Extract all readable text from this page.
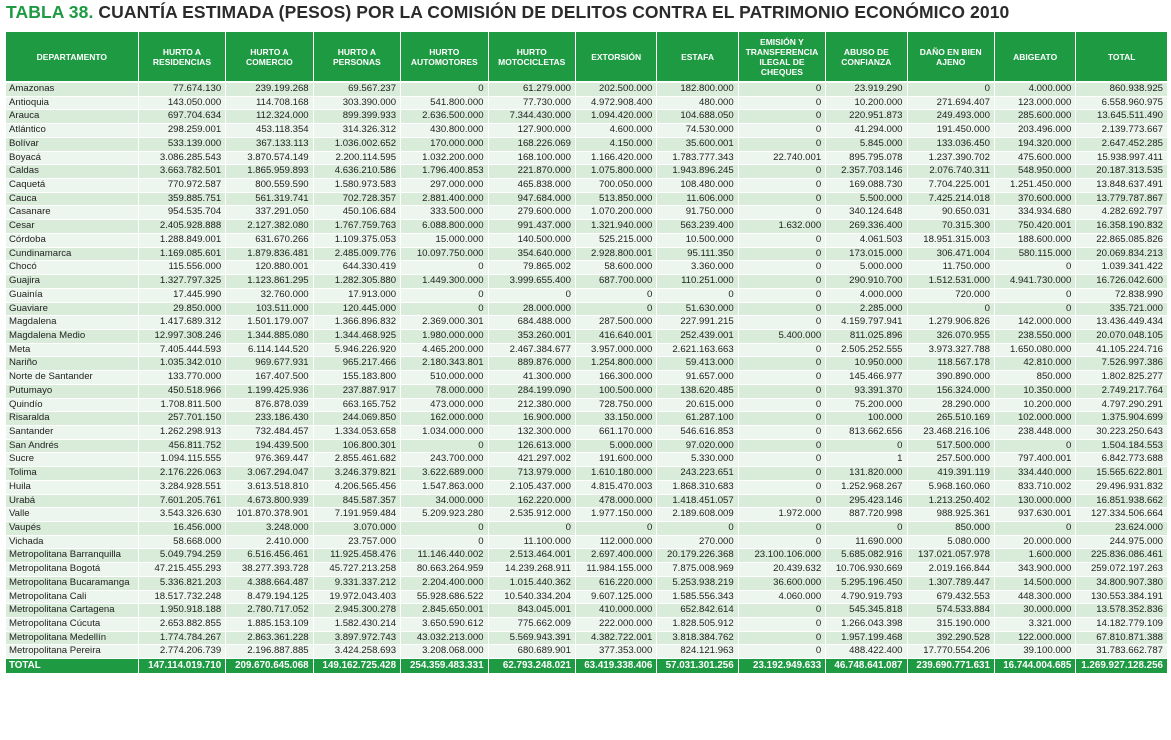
TABLA 38. CUANTÍA ESTIMADA (PESOS) POR LA COMISIÓN DE DELITOS CONTRA EL PATRIMONIO ECONÓMICO 2010
DEPARTAMENTO	HURTO A RESIDENCIAS	HURTO A COMERCIO	HURTO A PERSONAS	HURTO AUTOMOTORES	HURTO MOTOCICLETAS	EXTORSIÓN	ESTAFA	EMISIÓN Y TRANSFERENCIA ILEGAL DE CHEQUES	ABUSO DE CONFIANZA	DAÑO EN BIEN AJENO	ABIGEATO	TOTAL
Amazonas	77.674.130	239.199.268	69.567.237	0	61.279.000	202.500.000	182.800.000	0	23.919.290	0	4.000.000	860.938.925
Antioquia	143.050.000	114.708.168	303.390.000	541.800.000	77.730.000	4.972.908.400	480.000	0	10.200.000	271.694.407	123.000.000	6.558.960.975
Arauca	697.704.634	112.324.000	899.399.933	2.636.500.000	7.344.430.000	1.094.420.000	104.688.050	0	220.951.873	249.493.000	285.600.000	13.645.511.490
Atlántico	298.259.001	453.118.354	314.326.312	430.800.000	127.900.000	4.600.000	74.530.000	0	41.294.000	191.450.000	203.496.000	2.139.773.667
Bolívar	533.139.000	367.133.113	1.036.002.652	170.000.000	168.226.069	4.150.000	35.600.001	0	5.845.000	133.036.450	194.320.000	2.647.452.285
Boyacá	3.086.285.543	3.870.574.149	2.200.114.595	1.032.200.000	168.100.000	1.166.420.000	1.783.777.343	22.740.001	895.795.078	1.237.390.702	475.600.000	15.938.997.411
Caldas	3.663.782.501	1.865.959.893	4.636.210.586	1.796.400.853	221.870.000	1.075.800.000	1.943.896.245	0	2.357.703.146	2.076.740.311	548.950.000	20.187.313.535
Caquetá	770.972.587	800.559.590	1.580.973.583	297.000.000	465.838.000	700.050.000	108.480.000	0	169.088.730	7.704.225.001	1.251.450.000	13.848.637.491
Cauca	359.885.751	561.319.741	702.728.357	2.881.400.000	947.684.000	513.850.000	11.606.000	0	5.500.000	7.425.214.018	370.600.000	13.779.787.867
Casanare	954.535.704	337.291.050	450.106.684	333.500.000	279.600.000	1.070.200.000	91.750.000	0	340.124.648	90.650.031	334.934.680	4.282.692.797
Cesar	2.405.928.888	2.127.382.080	1.767.759.763	6.088.800.000	991.437.000	1.321.940.000	563.239.400	1.632.000	269.336.400	70.315.300	750.420.001	16.358.190.832
Córdoba	1.288.849.001	631.670.266	1.109.375.053	15.000.000	140.500.000	525.215.000	10.500.000	0	4.061.503	18.951.315.003	188.600.000	22.865.085.826
Cundinamarca	1.169.085.601	1.879.836.481	2.485.009.776	10.097.750.000	354.640.000	2.928.800.001	95.111.350	0	173.015.000	306.471.004	580.115.000	20.069.834.213
Chocó	115.556.000	120.880.001	644.330.419	0	79.865.002	58.600.000	3.360.000	0	5.000.000	11.750.000	0	1.039.341.422
Guajira	1.327.797.325	1.123.861.295	1.282.305.880	1.449.300.000	3.999.655.400	687.700.000	110.251.000	0	290.910.700	1.512.531.000	4.941.730.000	16.726.042.600
Guainía	17.445.990	32.760.000	17.913.000	0	0	0	0	0	4.000.000	720.000	0	72.838.990
Guaviare	29.850.000	103.511.000	120.445.000	0	28.000.000	0	51.630.000	0	2.285.000	0	0	335.721.000
Magdalena	1.417.689.312	1.501.179.007	1.366.896.832	2.369.000.301	684.488.000	287.500.000	227.991.215	0	4.159.797.941	1.279.906.826	142.000.000	13.436.449.434
Magdalena Medio	12.997.308.246	1.344.885.080	1.344.468.925	1.980.000.000	353.260.001	416.640.001	252.439.001	5.400.000	811.025.896	326.070.955	238.550.000	20.070.048.105
Meta	7.405.444.593	6.114.144.520	5.946.226.920	4.465.200.000	2.467.384.677	3.957.000.000	2.621.163.663	0	2.505.252.555	3.973.327.788	1.650.080.000	41.105.224.716
Nariño	1.035.342.010	969.677.931	965.217.466	2.180.343.801	889.876.000	1.254.800.000	59.413.000	0	10.950.000	118.567.178	42.810.000	7.526.997.386
Norte de Santander	133.770.000	167.407.500	155.183.800	510.000.000	41.300.000	166.300.000	91.657.000	0	145.466.977	390.890.000	850.000	1.802.825.277
Putumayo	450.518.966	1.199.425.936	237.887.917	78.000.000	284.199.090	100.500.000	138.620.485	0	93.391.370	156.324.000	10.350.000	2.749.217.764
Quindío	1.708.811.500	876.878.039	663.165.752	473.000.000	212.380.000	728.750.000	20.615.000	0	75.200.000	28.290.000	10.200.000	4.797.290.291
Risaralda	257.701.150	233.186.430	244.069.850	162.000.000	16.900.000	33.150.000	61.287.100	0	100.000	265.510.169	102.000.000	1.375.904.699
Santander	1.262.298.913	732.484.457	1.334.053.658	1.034.000.000	132.300.000	661.170.000	546.616.853	0	813.662.656	23.468.216.106	238.448.000	30.223.250.643
San Andrés	456.811.752	194.439.500	106.800.301	0	126.613.000	5.000.000	97.020.000	0	0	517.500.000	0	1.504.184.553
Sucre	1.094.115.555	976.369.447	2.855.461.682	243.700.000	421.297.002	191.600.000	5.330.000	0	1	257.500.000	797.400.001	6.842.773.688
Tolima	2.176.226.063	3.067.294.047	3.246.379.821	3.622.689.000	713.979.000	1.610.180.000	243.223.651	0	131.820.000	419.391.119	334.440.000	15.565.622.801
Huila	3.284.928.551	3.613.518.810	4.206.565.456	1.547.863.000	2.105.437.000	4.815.470.003	1.868.310.683	0	1.252.968.267	5.968.160.060	833.710.002	29.496.931.832
Urabá	7.601.205.761	4.673.800.939	845.587.357	34.000.000	162.220.000	478.000.000	1.418.451.057	0	295.423.146	1.213.250.402	130.000.000	16.851.938.662
Valle	3.543.326.630	101.870.378.901	7.191.959.484	5.209.923.280	2.535.912.000	1.977.150.000	2.189.608.009	1.972.000	887.720.998	988.925.361	937.630.001	127.334.506.664
Vaupés	16.456.000	3.248.000	3.070.000	0	0	0	0	0	0	850.000	0	23.624.000
Vichada	58.668.000	2.410.000	23.757.000	0	11.100.000	112.000.000	270.000	0	11.690.000	5.080.000	20.000.000	244.975.000
Metropolitana Barranquilla	5.049.794.259	6.516.456.461	11.925.458.476	11.146.440.002	2.513.464.001	2.697.400.000	20.179.226.368	23.100.106.000	5.685.082.916	137.021.057.978	1.600.000	225.836.086.461
Metropolitana Bogotá	47.215.455.293	38.277.393.728	45.727.213.258	80.663.264.959	14.239.268.911	11.984.155.000	7.875.008.969	20.439.632	10.706.930.669	2.019.166.844	343.900.000	259.072.197.263
Metropolitana Bucaramanga	5.336.821.203	4.388.664.487	9.331.337.212	2.204.400.000	1.015.440.362	616.220.000	5.253.938.219	36.600.000	5.295.196.450	1.307.789.447	14.500.000	34.800.907.380
Metropolitana Cali	18.517.732.248	8.479.194.125	19.972.043.403	55.928.686.522	10.540.334.204	9.607.125.000	1.585.556.343	4.060.000	4.790.919.793	679.432.553	448.300.000	130.553.384.191
Metropolitana Cartagena	1.950.918.188	2.780.717.052	2.945.300.278	2.845.650.001	843.045.001	410.000.000	652.842.614	0	545.345.818	574.533.884	30.000.000	13.578.352.836
Metropolitana Cúcuta	2.653.882.855	1.885.153.109	1.582.430.214	3.650.590.612	775.662.009	222.000.000	1.828.505.912	0	1.266.043.398	315.190.000	3.321.000	14.182.779.109
Metropolitana Medellín	1.774.784.267	2.863.361.228	3.897.972.743	43.032.213.000	5.569.943.391	4.382.722.001	3.818.384.762	0	1.957.199.468	392.290.528	122.000.000	67.810.871.388
Metropolitana Pereira	2.774.206.739	2.196.887.885	3.424.258.693	3.208.068.000	680.689.901	377.353.000	824.121.963	0	488.422.400	17.770.554.206	39.100.000	31.783.662.787
TOTAL	147.114.019.710	209.670.645.068	149.162.725.428	254.359.483.331	62.793.248.021	63.419.338.406	57.031.301.256	23.192.949.633	46.748.641.087	239.690.771.631	16.744.004.685	1.269.927.128.256
